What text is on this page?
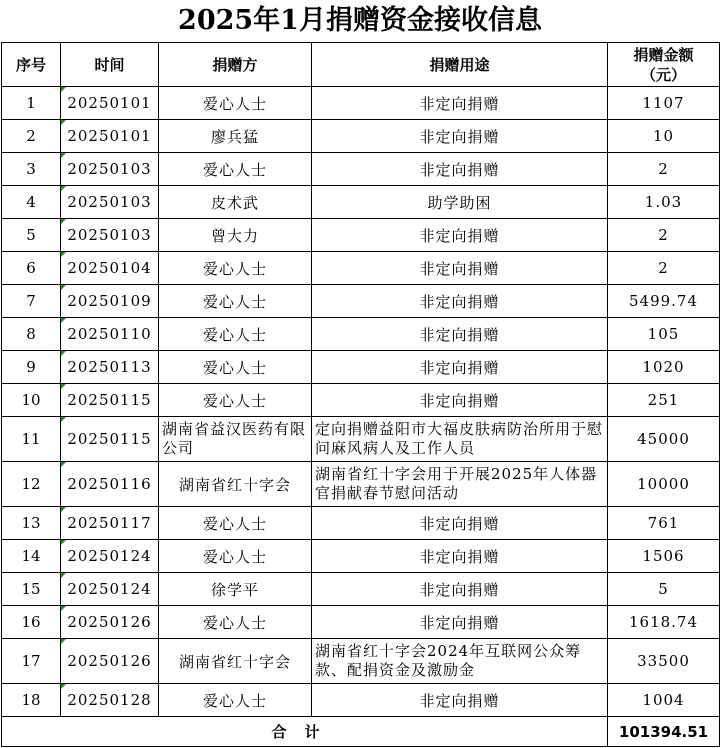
2025年1月捐赠资金接收信息
序号	时间	捐赠方	捐赠用途	捐赠金额
（元）
1	20250101	爱心人士	非定向捐赠	1107
2	20250101	廖兵猛	非定向捐赠	10
3	20250103	爱心人士	非定向捐赠	2
4	20250103	皮术武	助学助困	1.03
5	20250103	曾大力	非定向捐赠	2
6	20250104	爱心人士	非定向捐赠	2
7	20250109	爱心人士	非定向捐赠	5499.74
8	20250110	爱心人士	非定向捐赠	105
9	20250113	爱心人士	非定向捐赠	1020
10	20250115	爱心人士	非定向捐赠	251
11	20250115	湖南省益汉医药有限公司	定向捐赠益阳市大福皮肤病防治所用于慰问麻风病人及工作人员	45000
12	20250116	湖南省红十字会	湖南省红十字会用于开展2025年人体器官捐献春节慰问活动	10000
13	20250117	爱心人士	非定向捐赠	761
14	20250124	爱心人士	非定向捐赠	1506
15	20250124	徐学平	非定向捐赠	5
16	20250126	爱心人士	非定向捐赠	1618.74
17	20250126	湖南省红十字会	湖南省红十字会2024年互联网公众筹款、配捐资金及激励金	33500
18	20250128	爱心人士	非定向捐赠	1004
合计				101394.51
